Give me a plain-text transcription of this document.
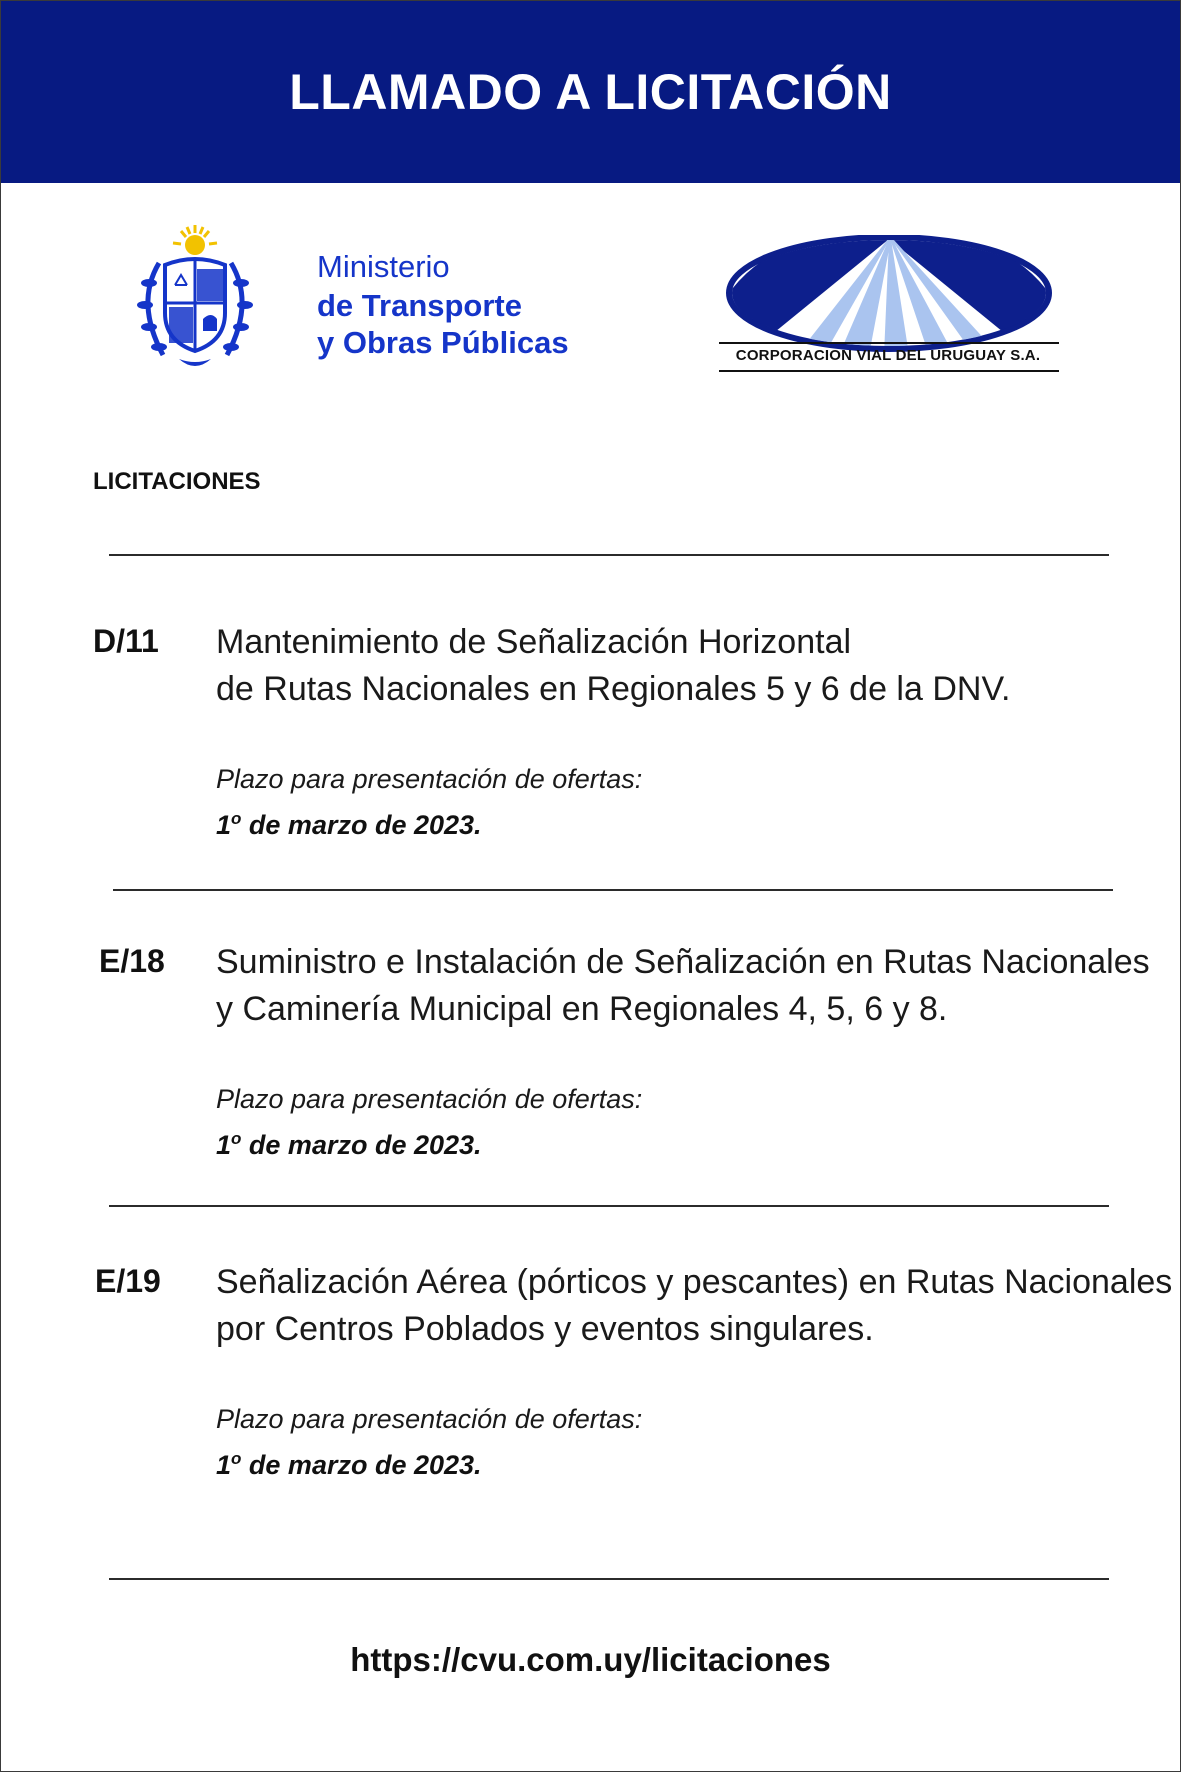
LLAMADO A LICITACIÓN
Ministerio
de Transporte
y Obras Públicas	CORPORACION VIAL DEL URUGUAY S.A.
LICITACIONES
D/11 Mantenimiento de Señalización Horizontal
de Rutas Nacionales en Regionales 5 y 6 de la DNV.
Plazo para presentación de ofertas:
1$^o$ de marzo de 2023.
E/18 Suministro e Instalación de Señalización en Rutas Nacionales
y Caminería Municipal en Regionales 4, 5, 6 y 8.
Plazo para presentación de ofertas:
1$^o$ de marzo de 2023.
E/19 Señalización Aérea (pórticos y pescantes) en Rutas Nacionales
por Centros Poblados y eventos singulares.
Plazo para presentación de ofertas:
1$^o$ de marzo de 2023.
https://cvu.com.uy/licitaciones
